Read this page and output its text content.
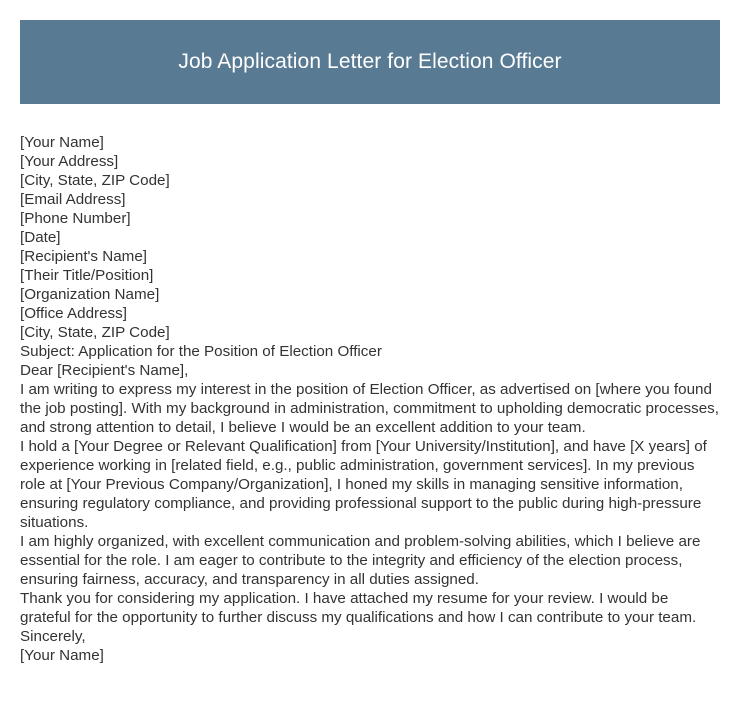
Job Application Letter for Election Officer

[Your Name]

[Your Address]

[City, State, ZIP Code]

[Email Address]

[Phone Number]

[Date]

[Recipient's Name]

[Their Title/Position]

[Organization Name]

[Office Address]

[City, State, ZIP Code]

Subject: Application for the Position of Election Officer

Dear [Recipient's Name],

I am writing to express my interest in the position of Election Officer, as advertised on [where you found the job posting]. With my background in administration, commitment to upholding democratic processes, and strong attention to detail, I believe I would be an excellent addition to your team.

I hold a [Your Degree or Relevant Qualification] from [Your University/Institution], and have [X years] of experience working in [related field, e.g., public administration, government services]. In my previous role at [Your Previous Company/Organization], I honed my skills in managing sensitive information, ensuring regulatory compliance, and providing professional support to the public during high-pressure situations.

I am highly organized, with excellent communication and problem-solving abilities, which I believe are essential for the role. I am eager to contribute to the integrity and efficiency of the election process, ensuring fairness, accuracy, and transparency in all duties assigned.

Thank you for considering my application. I have attached my resume for your review. I would be grateful for the opportunity to further discuss my qualifications and how I can contribute to your team.

Sincerely,

[Your Name]
